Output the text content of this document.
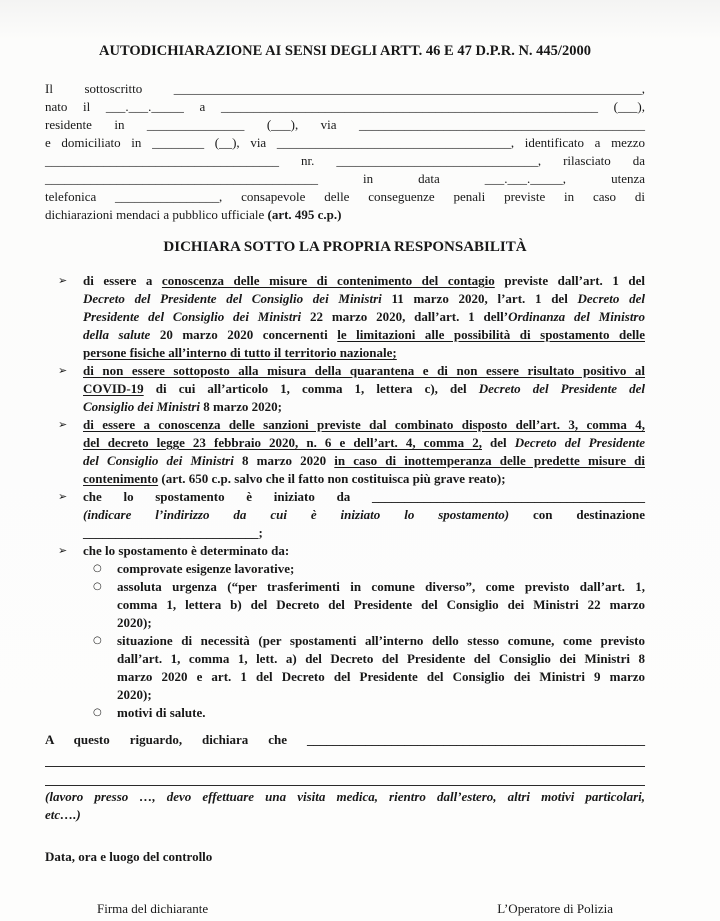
AUTODICHIARAZIONE AI SENSI DEGLI ARTT. 46 E 47 D.P.R. N. 445/2000
Il sottoscritto ________________________________________________________________________,
nato il ___.___._____ a __________________________________________________________ (___),
residente in _______________ (___), via ____________________________________________
e domiciliato in ________ (__), via ____________________________________, identificato a mezzo
____________________________________ nr. _______________________________, rilasciato da
__________________________________________ in data ___.___._____, utenza
telefonica ________________, consapevole delle conseguenze penali previste in caso di
dichiarazioni mendaci a pubblico ufficiale (art. 495 c.p.)
DICHIARA SOTTO LA PROPRIA RESPONSABILITÀ
➢	di essere a conoscenza delle misure di contenimento del contagio previste dall’art. 1 del
Decreto del Presidente del Consiglio dei Ministri 11 marzo 2020, l’art. 1 del Decreto del
Presidente del Consiglio dei Ministri 22 marzo 2020, dall’art. 1 dell’Ordinanza del Ministro
della salute 20 marzo 2020 concernenti le limitazioni alle possibilità di spostamento delle
persone fisiche all’interno di tutto il territorio nazionale;
➢	di non essere sottoposto alla misura della quarantena e di non essere risultato positivo al
COVID-19 di cui all’articolo 1, comma 1, lettera c), del Decreto del Presidente del
Consiglio dei Ministri 8 marzo 2020;
➢	di essere a conoscenza delle sanzioni previste dal combinato disposto dell’art. 3, comma 4,
del decreto legge 23 febbraio 2020, n. 6 e dell’art. 4, comma 2, del Decreto del Presidente
del Consiglio dei Ministri 8 marzo 2020 in caso di inottemperanza delle predette misure di
contenimento (art. 650 c.p. salvo che il fatto non costituisca più grave reato);
➢	che lo spostamento è iniziato da __________________________________________
(indicare l’indirizzo da cui è iniziato lo spostamento) con destinazione
___________________________;
➢	che lo spostamento è determinato da:
○	comprovate esigenze lavorative;
○	assoluta urgenza (“per trasferimenti in comune diverso”, come previsto dall’art. 1,
comma 1, lettera b) del Decreto del Presidente del Consiglio dei Ministri 22 marzo
2020);
○	situazione di necessità (per spostamenti all’interno dello stesso comune, come previsto
dall’art. 1, comma 1, lett. a) del Decreto del Presidente del Consiglio dei Ministri 8
marzo 2020 e art. 1 del Decreto del Presidente del Consiglio dei Ministri 9 marzo
2020);
○	motivi di salute.
A questo riguardo, dichiara che ____________________________________________________
(lavoro presso …, devo effettuare una visita medica, rientro dall’estero, altri motivi particolari,
etc….)
Data, ora e luogo del controllo
Firma del dichiarante	L’Operatore di Polizia
